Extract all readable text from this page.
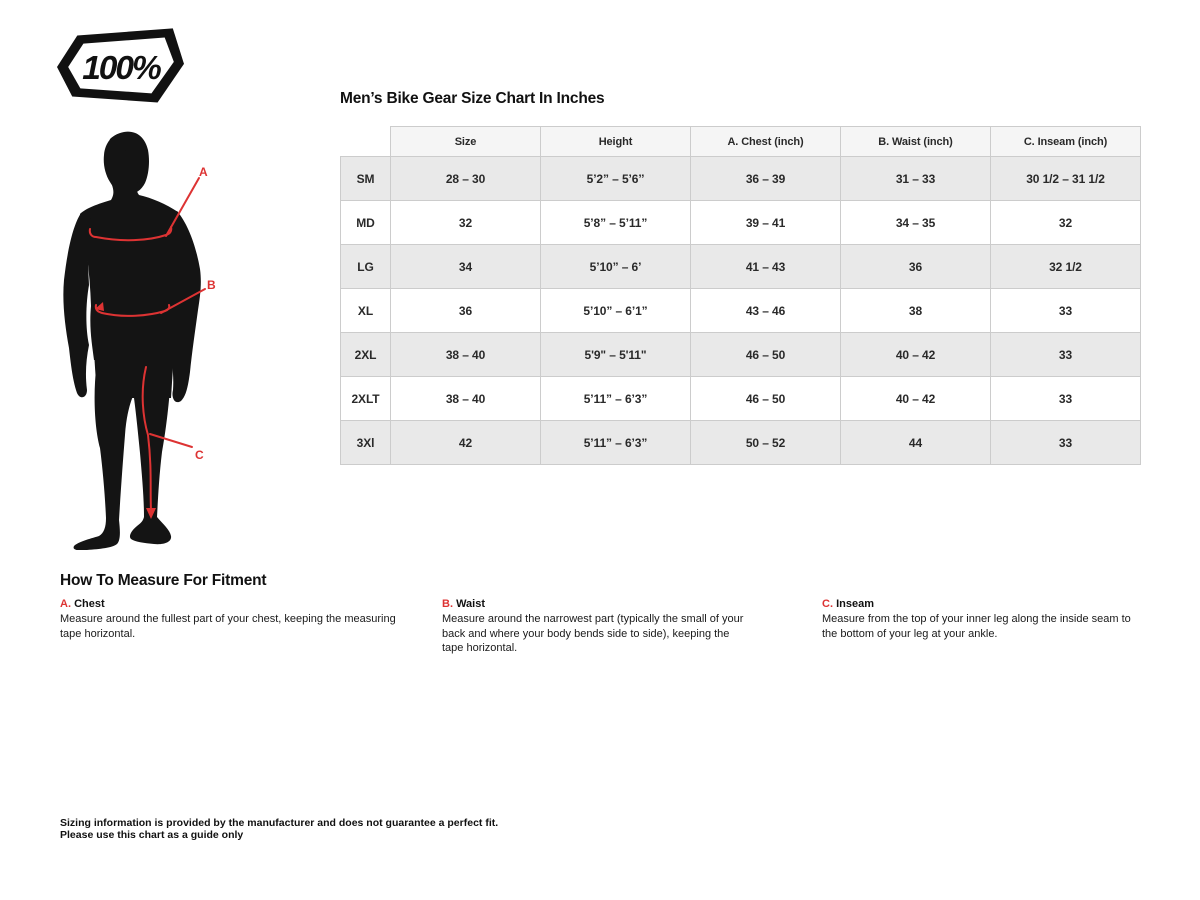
100%
A
B
C
Men’s Bike Gear Size Chart In Inches
	Size	Height	A. Chest (inch)	B. Waist (inch)	C. Inseam (inch)
SM	28 – 30	5’2” – 5’6’’	36 – 39	31 – 33	30 1/2 – 31 1/2
MD	32	5’8” – 5’11”	39 – 41	34 – 35	32
LG	34	5’10” – 6’	41 – 43	36	32 1/2
XL	36	5’10” – 6’1”	43 – 46	38	33
2XL	38 – 40	5'9" – 5'11"	46 – 50	40 – 42	33
2XLT	38 – 40	5’11” – 6’3”	46 – 50	40 – 42	33
3Xl	42	5’11” – 6’3”	50 – 52	44	33
How To Measure For Fitment
A. Chest
Measure around the fullest part of your chest, keeping the measuring tape horizontal.
B. Waist
Measure around the narrowest part (typically the small of your back and where your body bends side to side), keeping the tape horizontal.
C. Inseam
Measure from the top of your inner leg along the inside seam to the bottom of your leg at your ankle.
Sizing information is provided by the manufacturer and does not guarantee a perfect fit.
Please use this chart as a guide only
